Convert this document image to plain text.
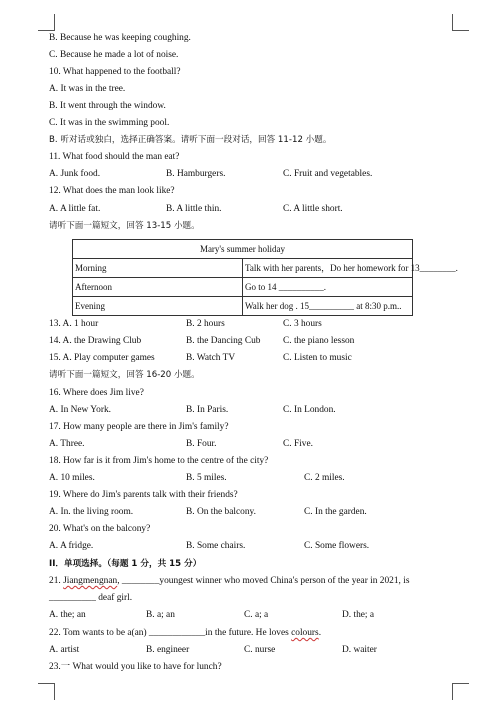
B. Because he was keeping coughing.
C. Because he made a lot of noise.
10. What happened to the football?
A. It was in the tree.
B. It went through the window.
C. It was in the swimming pool.
B. 听对话或独白，选择正确答案。请听下面一段对话，回答 11-12 小题。
11. What food should the man eat?
A. Junk food.	B. Hamburgers.	C. Fruit and vegetables.
12. What does the man look like?
A. A little fat.	B. A little thin.	C. A little short.
请听下面一篇短文，回答 13-15 小题。
Mary's summer holiday	
Morning	Talk with her parents，Do her homework for 13________.
Afternoon	Go to 14 __________.
Evening	Walk her dog . 15__________ at 8:30 p.m..
13. A. 1 hour	B. 2 hours	C. 3 hours
14. A. the Drawing Club	B. the Dancing Cub C. the piano lesson
15. A. Play computer games	B. Watch TV	C. Listen to music
请听下面一篇短文，回答 16-20 小题。
16. Where does Jim live?
A. In New York.	B. In Paris.	C. In London.
17. How many people are there in Jim's family?
A. Three.	B. Four.	C. Five.
18. How far is it from Jim's home to the centre of the city?
A. 10 miles.	B. 5 miles.	C. 2 miles.
19. Where do Jim's parents talk with their friends?
A. In. the living room.	B. On the balcony.	C. In the garden.
20. What's on the balcony?
A. A fridge.	B. Some chairs.	C. Some flowers.
II．单项选择。（每题 1 分，共 15 分）
21. Jiangmengnan, ________youngest winner who moved China's person of the year in 2021, is
__________ deaf girl.
A. the; an	B. a; an	C. a; a	D. the; a
22. Tom wants to be a(an) ____________in the future. He loves colours.
A. artist	B. engineer	C. nurse	D. waiter
23.一 What would you like to have for lunch?
